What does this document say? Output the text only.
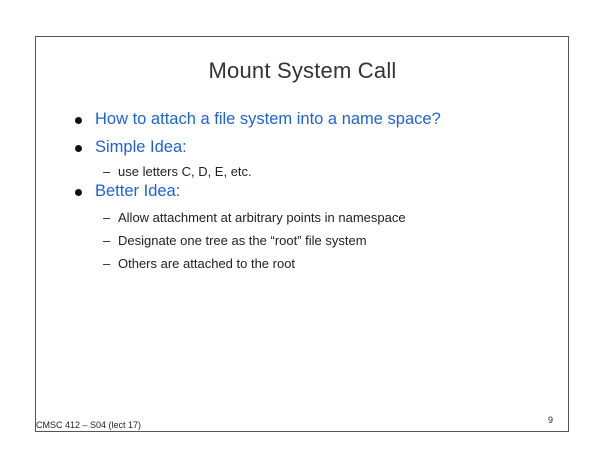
Mount System Call
How to attach a file system into a name space?
Simple Idea:
– use letters C, D, E, etc.
Better Idea:
– Allow attachment at arbitrary points in namespace
– Designate one tree as the “root” file system
– Others are attached to the root
CMSC 412 – S04 (lect 17)	9
